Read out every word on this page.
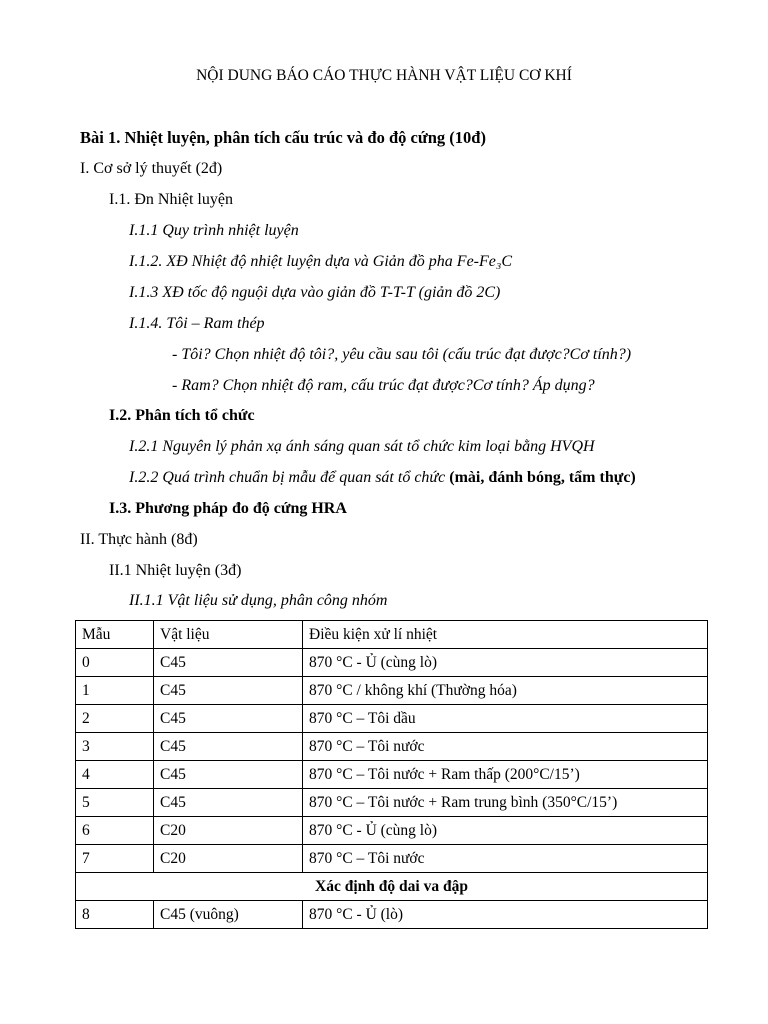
NỘI DUNG BÁO CÁO THỰC HÀNH VẬT LIỆU CƠ KHÍ
Bài 1. Nhiệt luyện, phân tích cấu trúc và đo độ cứng (10đ)
I. Cơ sở lý thuyết (2đ)
I.1. Đn Nhiệt luyện
I.1.1 Quy trình nhiệt luyện
I.1.2. XĐ Nhiệt độ nhiệt luyện dựa và Giản đồ pha Fe-Fe₃C
I.1.3 XĐ tốc độ nguội dựa vào giản đồ T-T-T (giản đồ 2C)
I.1.4. Tôi – Ram thép
- Tôi? Chọn nhiệt độ tôi?, yêu cầu sau tôi (cấu trúc đạt được?Cơ tính?)
- Ram? Chọn nhiệt độ ram, cấu trúc đạt được?Cơ tính? Áp dụng?
I.2. Phân tích tổ chức
I.2.1 Nguyên lý phản xạ ánh sáng quan sát tổ chức kim loại bằng HVQH
I.2.2 Quá trình chuẩn bị mẫu để quan sát tổ chức (mài, đánh bóng, tẩm thực)
I.3. Phương pháp đo độ cứng HRA
II. Thực hành (8đ)
II.1 Nhiệt luyện (3đ)
II.1.1 Vật liệu sử dụng, phân công nhóm
Mẫu	Vật liệu	Điều kiện xử lí nhiệt
0	C45	870 °C - Ủ (cùng lò)
1	C45	870 °C / không khí (Thường hóa)
2	C45	870 °C – Tôi dầu
3	C45	870 °C – Tôi nước
4	C45	870 °C – Tôi nước + Ram thấp (200°C/15’)
5	C45	870 °C – Tôi nước + Ram trung bình (350°C/15’)
6	C20	870 °C - Ủ (cùng lò)
7	C20	870 °C – Tôi nước
Xác định độ dai va đập		
8	C45 (vuông)	870 °C - Ủ (lò)
